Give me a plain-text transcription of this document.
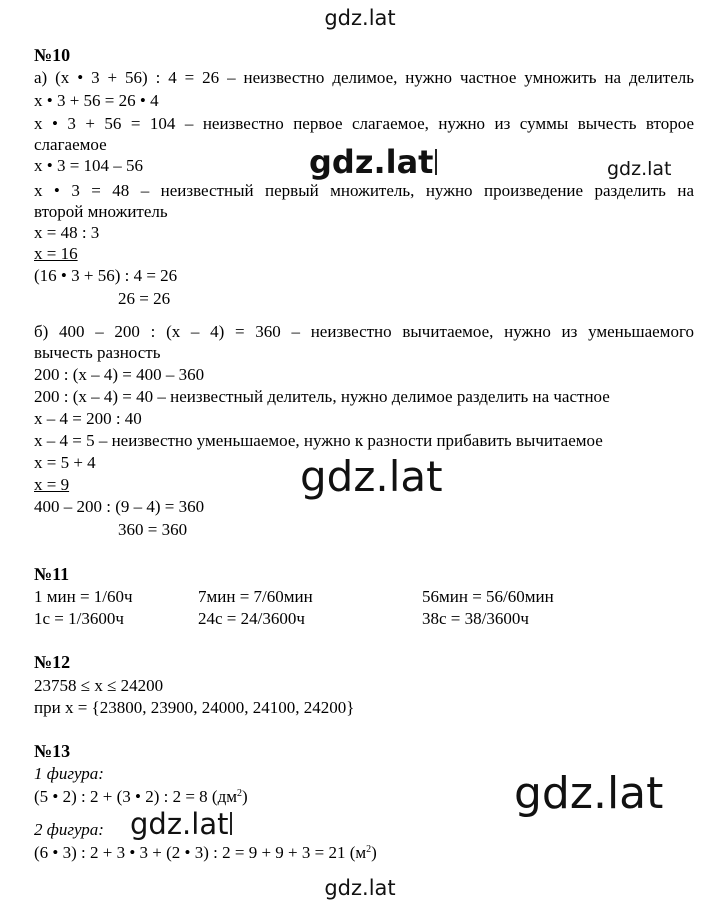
gdz.lat
gdz.lat
gdz.lat
gdz.lat
gdz.lat
gdz.lat
gdz.lat
№10
а) (x • 3 + 56) : 4 = 26 – неизвестно делимое, нужно частное умножить на делитель
x • 3 + 56 = 26 • 4
x • 3 + 56 = 104 – неизвестно первое слагаемое, нужно из суммы вычесть второе
слагаемое
x • 3 = 104 – 56
x • 3 = 48 – неизвестный первый множитель, нужно произведение разделить на
второй множитель
x = 48 : 3
x = 16
(16 • 3 + 56) : 4 = 26
26 = 26
б) 400 – 200 : (x – 4) = 360 – неизвестно вычитаемое, нужно из уменьшаемого
вычесть разность
200 : (x – 4) = 400 – 360
200 : (x – 4) = 40 – неизвестный делитель, нужно делимое разделить на частное
x – 4 = 200 : 40
x – 4 = 5 – неизвестно уменьшаемое, нужно к разности прибавить вычитаемое
x = 5 + 4
x = 9
400 – 200 : (9 – 4) = 360
360 = 360
№11
1 мин = 1/60ч	7мин = 7/60мин	56мин = 56/60мин
1с = 1/3600ч	24с = 24/3600ч	38с = 38/3600ч
№12
23758 ≤ x ≤ 24200
при x = {23800, 23900, 24000, 24100, 24200}
№13
1 фигура:
(5 • 2) : 2 + (3 • 2) : 2 = 8 $(дм^2)$
2 фигура:
(6 • 3) : 2 + 3 • 3 + (2 • 3) : 2 = 9 + 9 + 3 = 21 $(м^2)$
